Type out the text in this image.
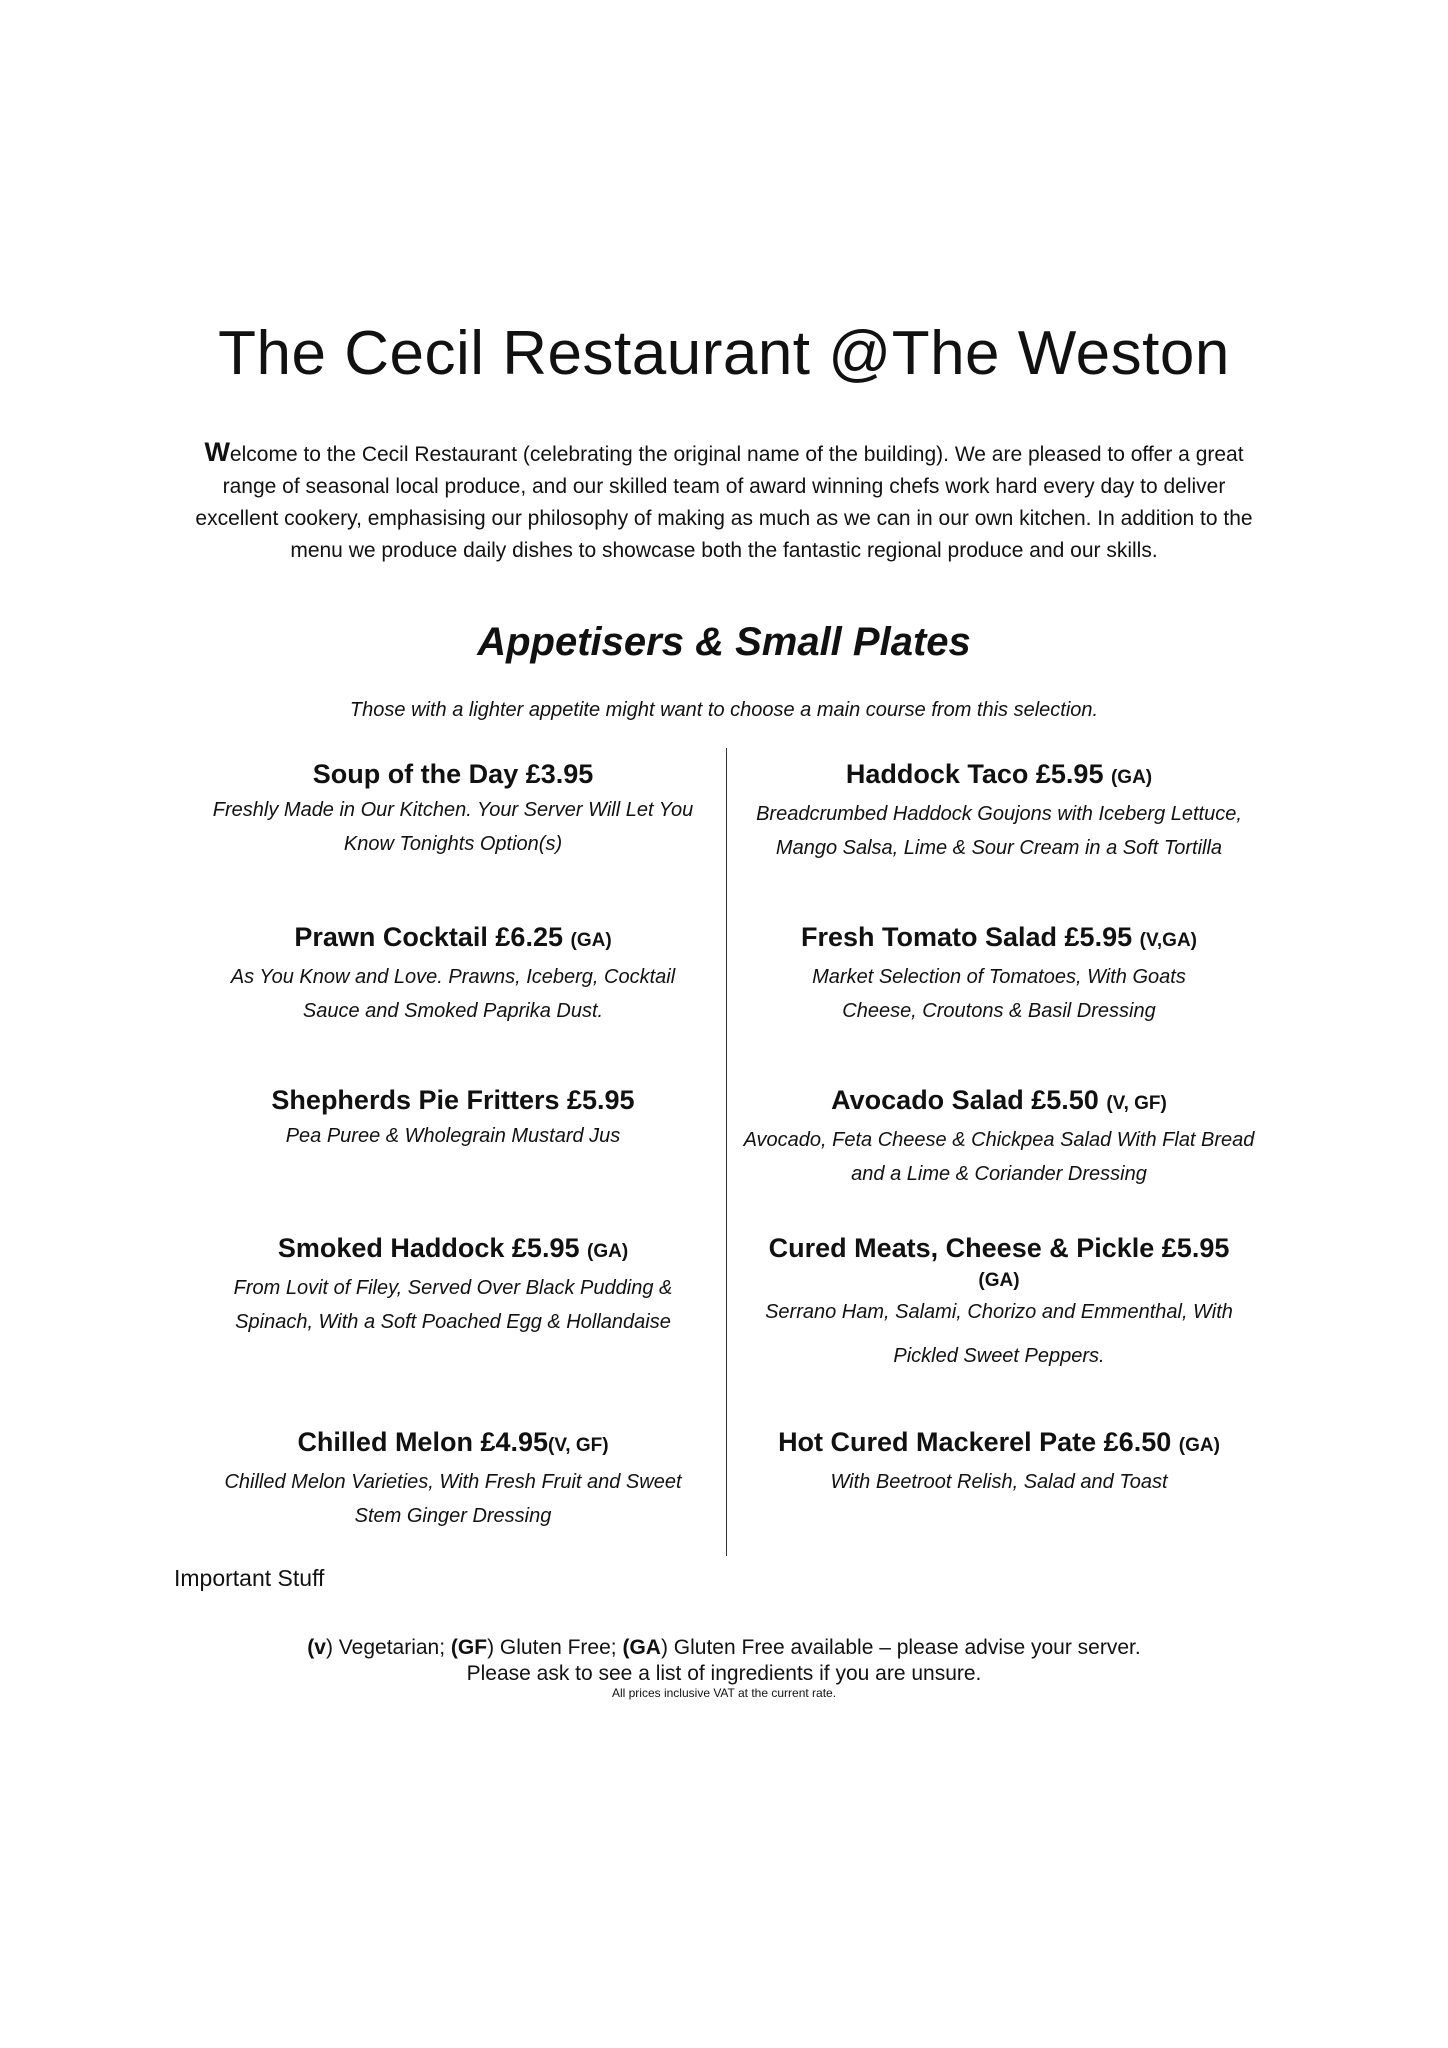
The Cecil Restaurant @The Weston
Welcome to the Cecil Restaurant (celebrating the original name of the building). We are pleased to offer a great range of seasonal local produce, and our skilled team of award winning chefs work hard every day to deliver excellent cookery, emphasising our philosophy of making as much as we can in our own kitchen. In addition to the menu we produce daily dishes to showcase both the fantastic regional produce and our skills.
Appetisers & Small Plates
Those with a lighter appetite might want to choose a main course from this selection.
Soup of the Day £3.95
Freshly Made in Our Kitchen. Your Server Will Let You Know Tonights Option(s)
Prawn Cocktail £6.25 (GA)
As You Know and Love. Prawns, Iceberg, Cocktail Sauce and Smoked Paprika Dust.
Shepherds Pie Fritters £5.95
Pea Puree & Wholegrain Mustard Jus
Smoked Haddock £5.95 (GA)
From Lovit of Filey, Served Over Black Pudding & Spinach, With a Soft Poached Egg & Hollandaise
Chilled Melon £4.95(V, GF)
Chilled Melon Varieties, With Fresh Fruit and Sweet Stem Ginger Dressing
Haddock Taco £5.95 (GA)
Breadcrumbed Haddock Goujons with Iceberg Lettuce, Mango Salsa, Lime & Sour Cream in a Soft Tortilla
Fresh Tomato Salad £5.95 (V,GA)
Market Selection of Tomatoes, With Goats Cheese, Croutons & Basil Dressing
Avocado Salad £5.50 (V, GF)
Avocado, Feta Cheese & Chickpea Salad With Flat Bread and a Lime & Coriander Dressing
Cured Meats, Cheese & Pickle £5.95
(GA)
Serrano Ham, Salami, Chorizo and Emmenthal, With
Pickled Sweet Peppers.
Hot Cured Mackerel Pate £6.50 (GA)
With Beetroot Relish, Salad and Toast
Important Stuff
(v) Vegetarian; (GF) Gluten Free; (GA) Gluten Free available – please advise your server.
Please ask to see a list of ingredients if you are unsure.
All prices inclusive VAT at the current rate.
